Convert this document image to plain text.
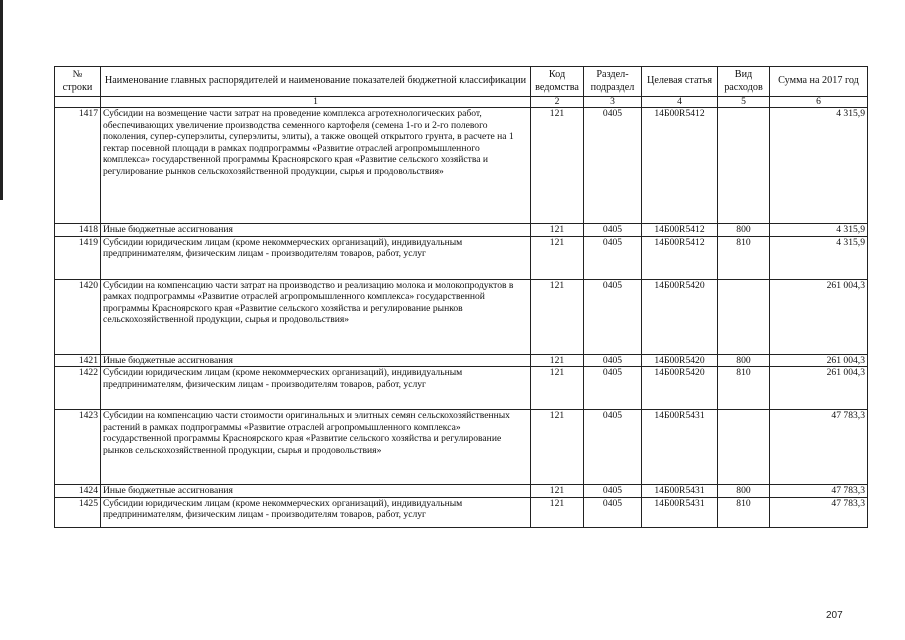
№
строки	Наименование главных распорядителей и наименование показателей бюджетной классификации	Код ведомства	Раздел-подраздел	Целевая статья	Вид расходов	Сумма на 2017 год
	1	2	3	4	5	6
1417	Субсидии на возмещение части затрат на проведение комплекса агротехнологических работ, обеспечивающих увеличение производства семенного картофеля (семена 1-го и 2-го полевого поколения, супер-суперэлиты, суперэлиты, элиты), а также овощей открытого грунта, в расчете на 1 гектар посевной площади в рамках подпрограммы «Развитие отраслей агропромышленного комплекса» государственной программы Красноярского края «Развитие сельского хозяйства и регулирование рынков сельскохозяйственной продукции, сырья и продовольствия»	121	0405	14Б00R5412		4 315,9
1418	Иные бюджетные ассигнования	121	0405	14Б00R5412	800	4 315,9
1419	Субсидии юридическим лицам (кроме некоммерческих организаций), индивидуальным предпринимателям, физическим лицам - производителям товаров, работ, услуг	121	0405	14Б00R5412	810	4 315,9
1420	Субсидии на компенсацию части затрат на производство и реализацию молока и молокопродуктов в рамках подпрограммы «Развитие отраслей агропромышленного комплекса» государственной программы Красноярского края «Развитие сельского хозяйства и регулирование рынков сельскохозяйственной продукции, сырья и продовольствия»	121	0405	14Б00R5420		261 004,3
1421	Иные бюджетные ассигнования	121	0405	14Б00R5420	800	261 004,3
1422	Субсидии юридическим лицам (кроме некоммерческих организаций), индивидуальным предпринимателям, физическим лицам - производителям товаров, работ, услуг	121	0405	14Б00R5420	810	261 004,3
1423	Субсидии на компенсацию части стоимости оригинальных и элитных семян сельскохозяйственных растений в рамках подпрограммы «Развитие отраслей агропромышленного комплекса» государственной программы Красноярского края «Развитие сельского хозяйства и регулирование рынков сельскохозяйственной продукции, сырья и продовольствия»	121	0405	14Б00R5431		47 783,3
1424	Иные бюджетные ассигнования	121	0405	14Б00R5431	800	47 783,3
1425	Субсидии юридическим лицам (кроме некоммерческих организаций), индивидуальным предпринимателям, физическим лицам - производителям товаров, работ, услуг	121	0405	14Б00R5431	810	47 783,3
207
